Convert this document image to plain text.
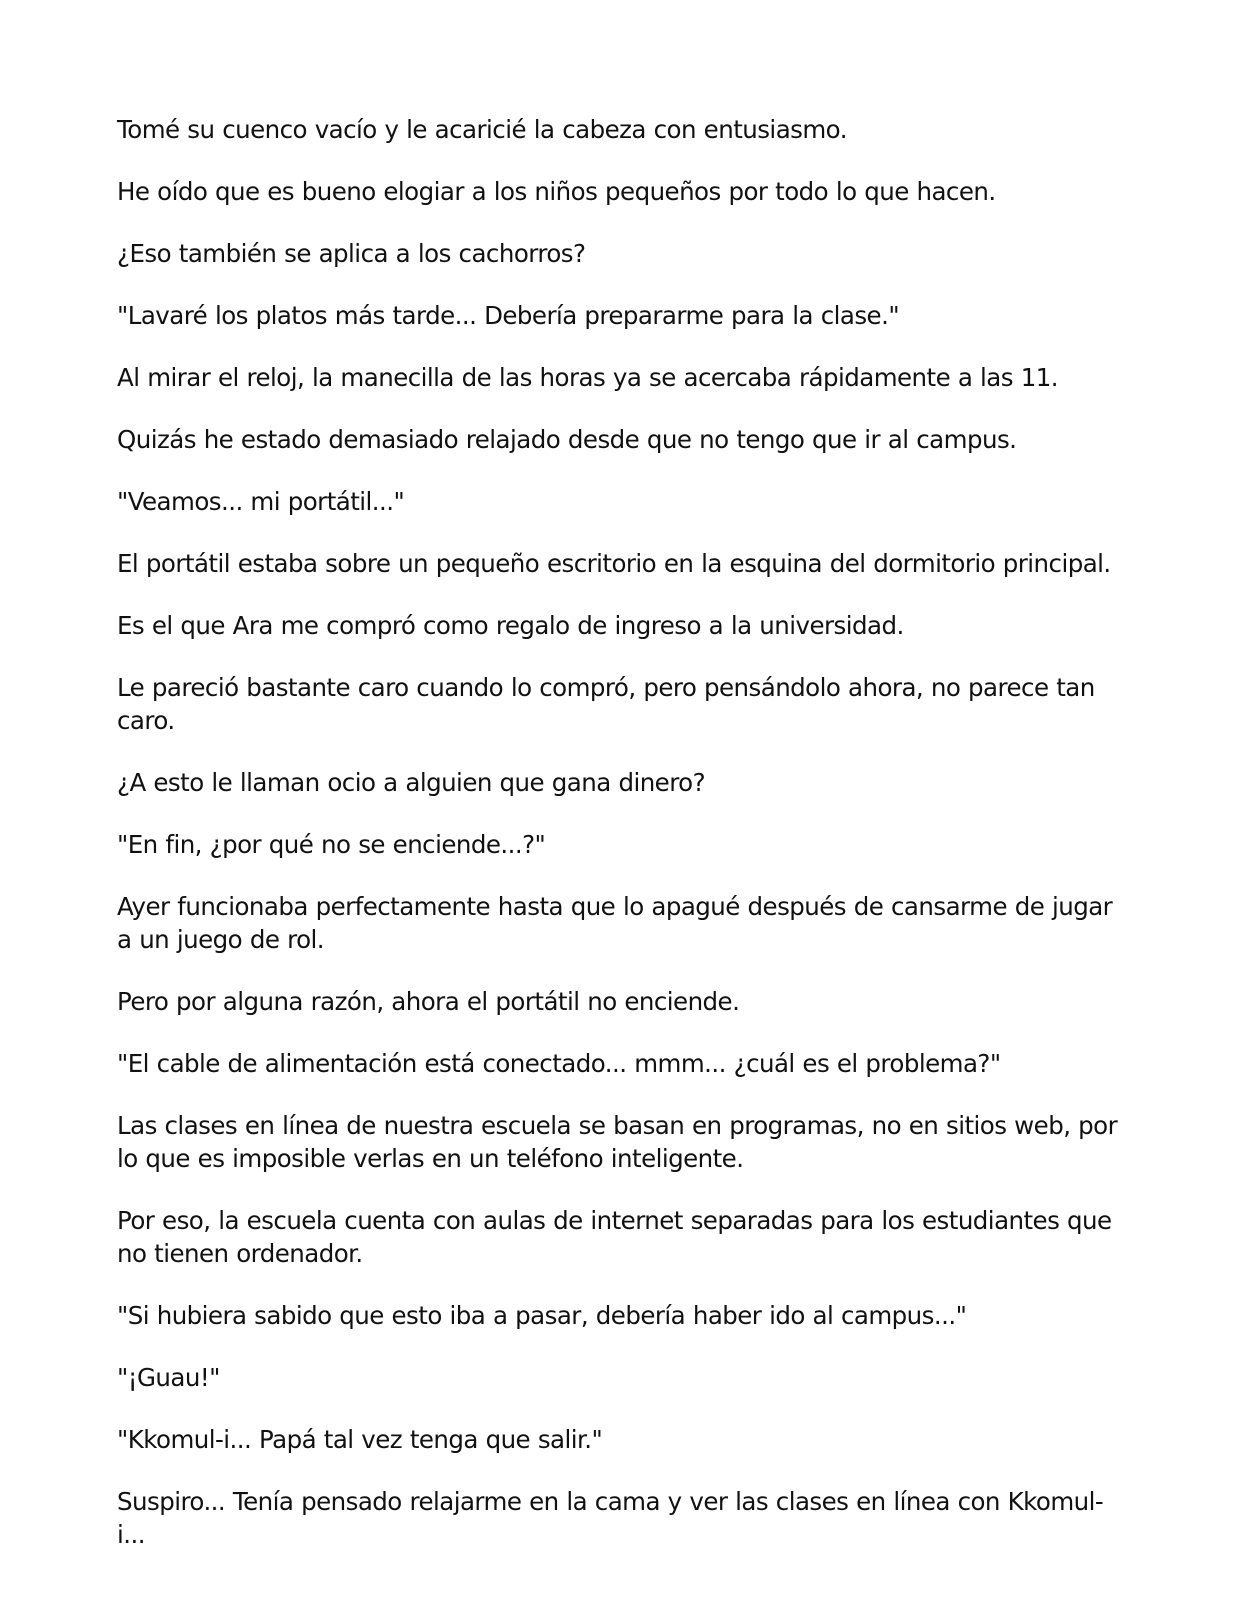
Tomé su cuenco vacío y le acaricié la cabeza con entusiasmo.

He oído que es bueno elogiar a los niños pequeños por todo lo que hacen.

¿Eso también se aplica a los cachorros?

"Lavaré los platos más tarde... Debería prepararme para la clase."

Al mirar el reloj, la manecilla de las horas ya se acercaba rápidamente a las 11.

Quizás he estado demasiado relajado desde que no tengo que ir al campus.

"Veamos... mi portátil..."

El portátil estaba sobre un pequeño escritorio en la esquina del dormitorio principal.

Es el que Ara me compró como regalo de ingreso a la universidad.

Le pareció bastante caro cuando lo compró, pero pensándolo ahora, no parece tan caro.

¿A esto le llaman ocio a alguien que gana dinero?

"En fin, ¿por qué no se enciende...?"

Ayer funcionaba perfectamente hasta que lo apagué después de cansarme de jugar a un juego de rol.

Pero por alguna razón, ahora el portátil no enciende.

"El cable de alimentación está conectado... mmm... ¿cuál es el problema?"

Las clases en línea de nuestra escuela se basan en programas, no en sitios web, por lo que es imposible verlas en un teléfono inteligente.

Por eso, la escuela cuenta con aulas de internet separadas para los estudiantes que no tienen ordenador.

"Si hubiera sabido que esto iba a pasar, debería haber ido al campus..."

"¡Guau!"

"Kkomul-i... Papá tal vez tenga que salir."

Suspiro... Tenía pensado relajarme en la cama y ver las clases en línea con Kkomul-i...
